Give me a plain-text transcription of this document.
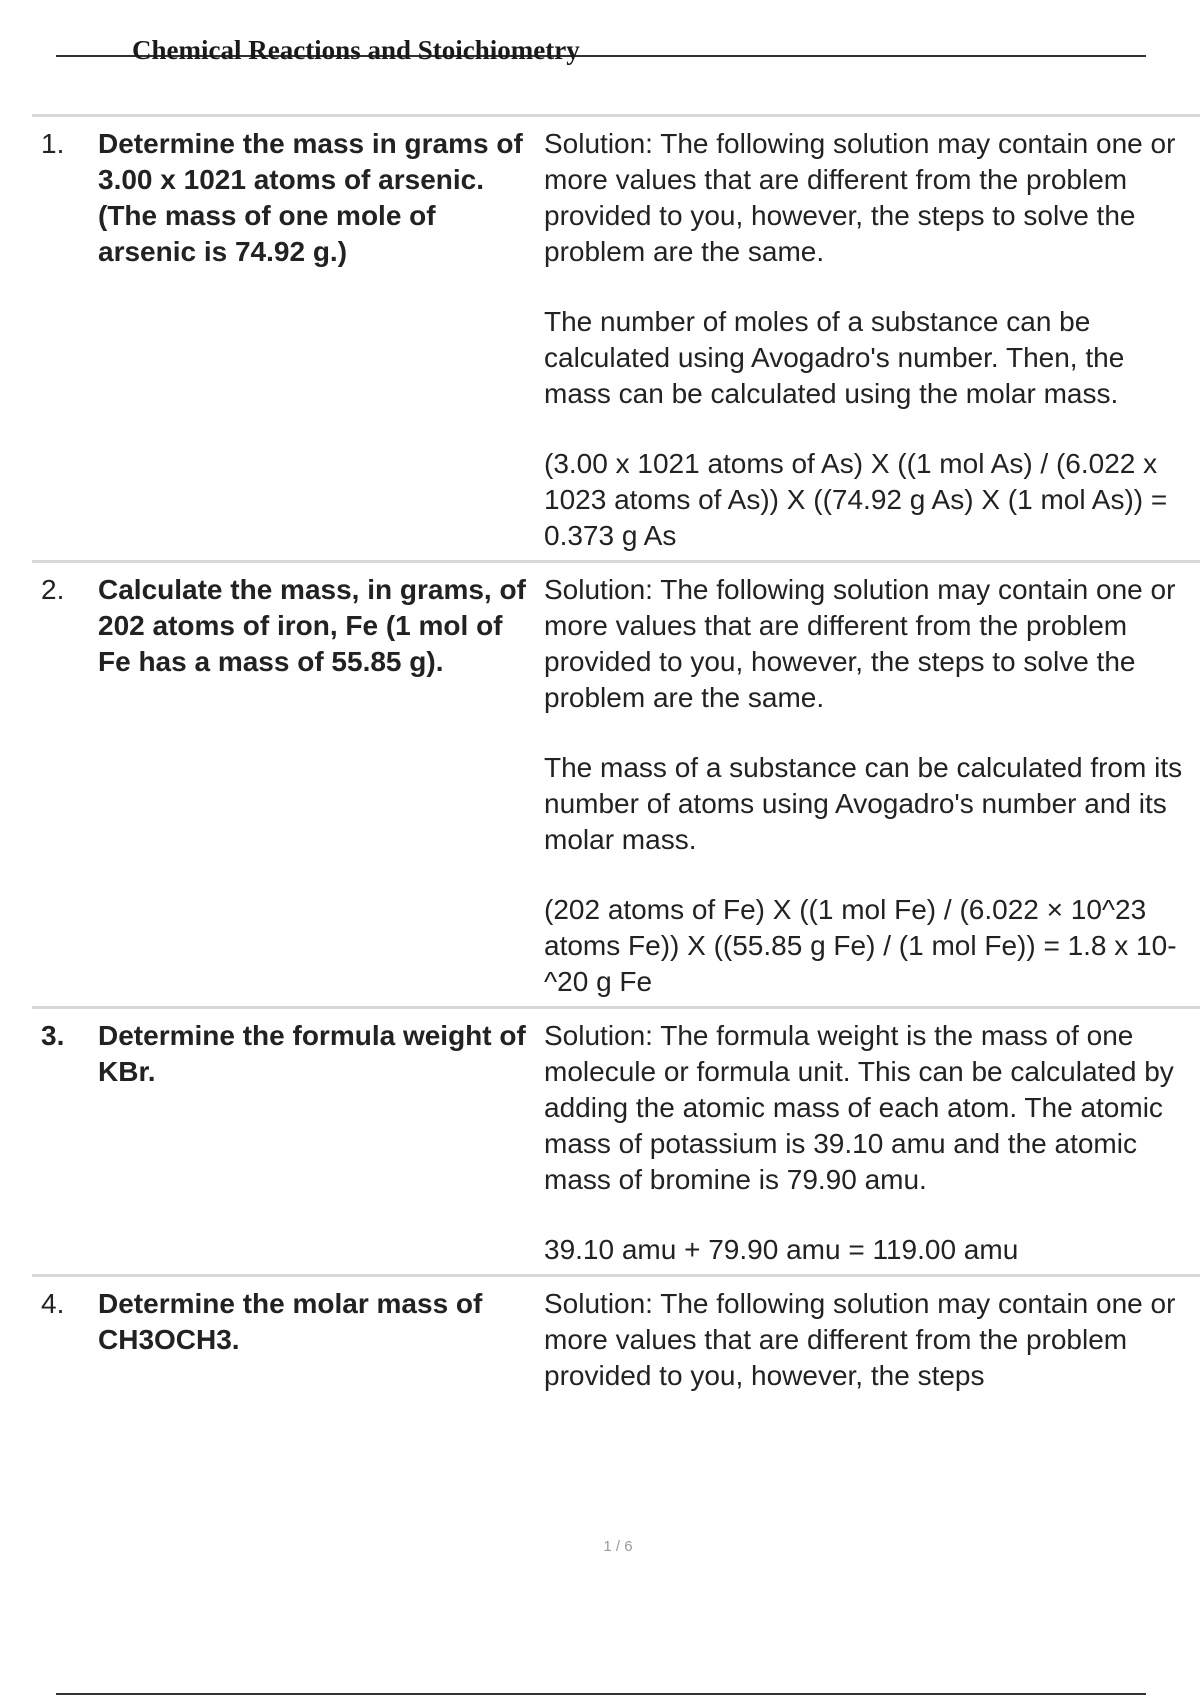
Chemical Reactions and Stoichiometry
1.	Determine the mass in grams of 3.00 x 1021 atoms of arsenic. (The mass of one mole of arsenic is 74.92 g.)

Solution: The following solution may contain one or more values that are different from the problem provided to you, however, the steps to solve the problem are the same.

The number of moles of a substance can be calculated using Avogadro's number. Then, the mass can be calculated using the molar mass.

(3.00 x 1021 atoms of As) X ((1 mol As) / (6.022 x 1023 atoms of As)) X ((74.92 g As) X (1 mol As)) = 0.373 g As

2.	Calculate the mass, in grams, of 202 atoms of iron, Fe (1 mol of Fe has a mass of 55.85 g).

Solution: The following solution may contain one or more values that are different from the problem provided to you, however, the steps to solve the problem are the same.

The mass of a substance can be calculated from its number of atoms using Avogadro's number and its molar mass.

(202 atoms of Fe) X ((1 mol Fe) / (6.022 × 10^23 atoms Fe)) X ((55.85 g Fe) / (1 mol Fe)) = 1.8 x 10-^20 g Fe

3.	Determine the formula weight of KBr.

Solution: The formula weight is the mass of one molecule or formula unit. This can be calculated by adding the atomic mass of each atom. The atomic mass of potassium is 39.10 amu and the atomic mass of bromine is 79.90 amu.

39.10 amu + 79.90 amu = 119.00 amu

4.	Determine the molar mass of CH3OCH3.

Solution: The following solution may contain one or more values that are different from the problem provided to you, however, the steps

1 / 6
